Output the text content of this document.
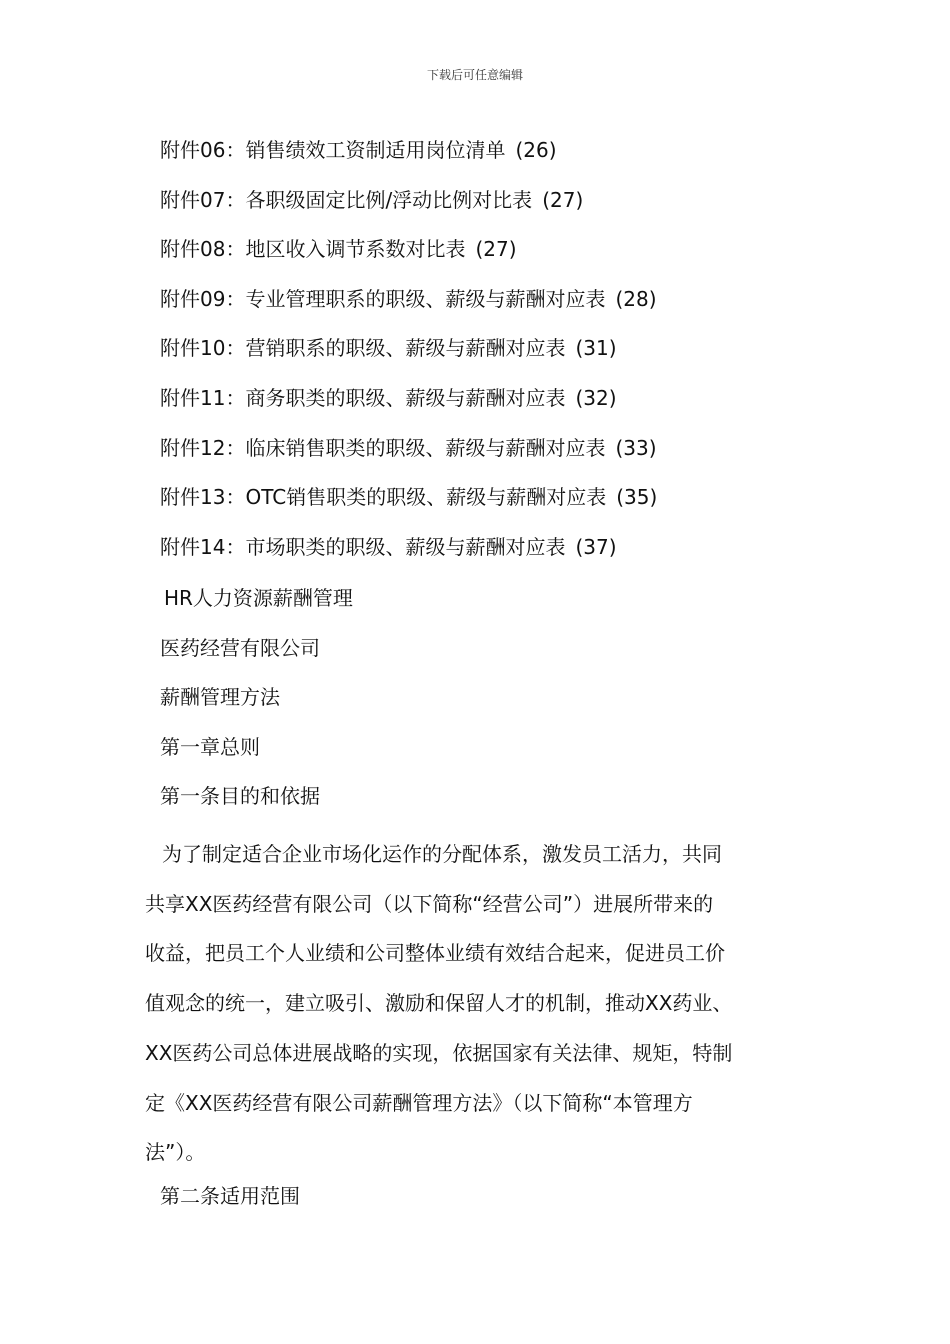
下载后可任意编辑
附件06：销售绩效工资制适用岗位清单 (26)
附件07：各职级固定比例/浮动比例对比表 (27)
附件08：地区收入调节系数对比表 (27)
附件09：专业管理职系的职级、薪级与薪酬对应表 (28)
附件10：营销职系的职级、薪级与薪酬对应表 (31)
附件11：商务职类的职级、薪级与薪酬对应表 (32)
附件12：临床销售职类的职级、薪级与薪酬对应表 (33)
附件13：OTC销售职类的职级、薪级与薪酬对应表 (35)
附件14：市场职类的职级、薪级与薪酬对应表 (37)
HR人力资源薪酬管理
医药经营有限公司
薪酬管理方法
第一章总则
第一条目的和依据
为了制定适合企业市场化运作的分配体系，激发员工活力，共同
共享XX医药经营有限公司（以下简称“经营公司”）进展所带来的
收益，把员工个人业绩和公司整体业绩有效结合起来，促进员工价
值观念的统一，建立吸引、激励和保留人才的机制，推动XX药业、
XX医药公司总体进展战略的实现，依据国家有关法律、规矩，特制
定《XX医药经营有限公司薪酬管理方法》（以下简称“本管理方
法”）。
第二条适用范围
